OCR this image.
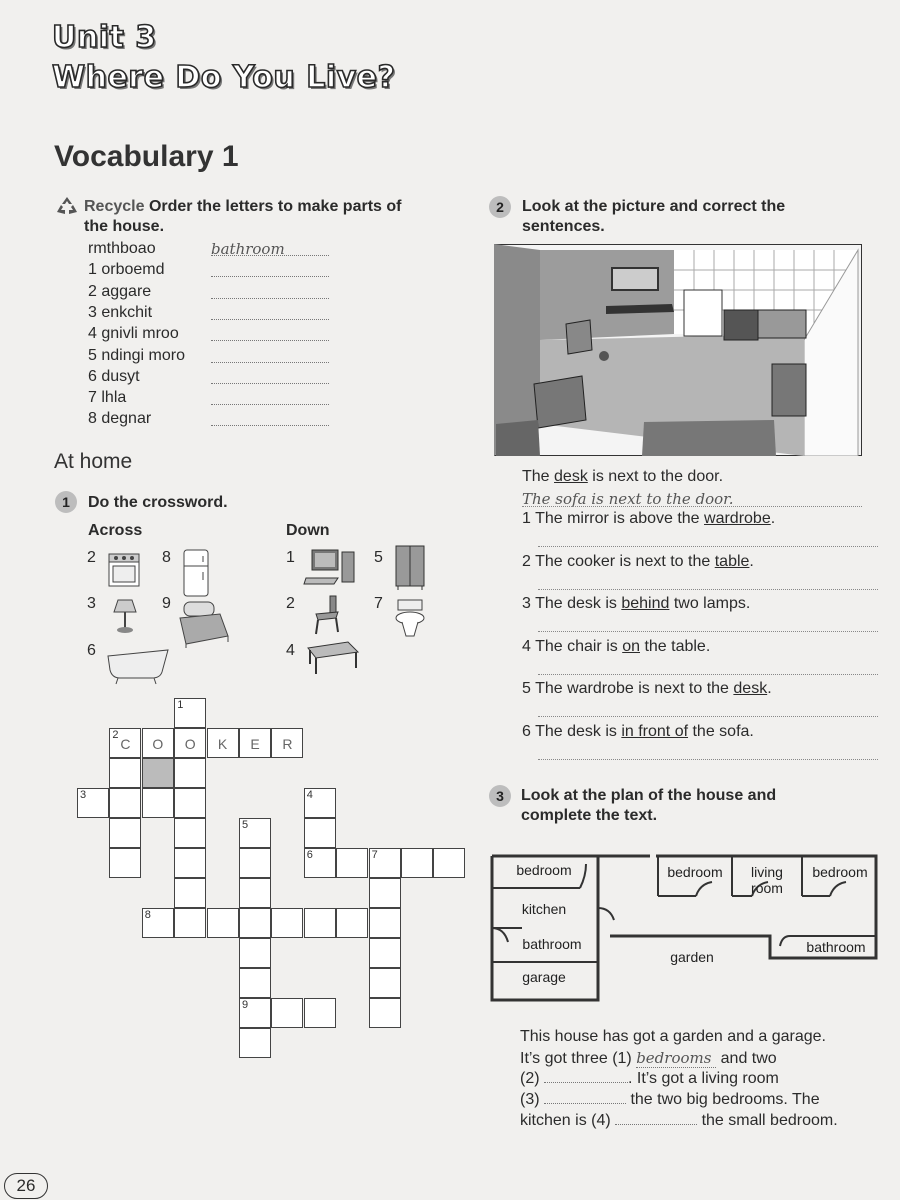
Unit 3
Where Do You Live?
Vocabulary 1
Recycle Order the letters to make parts of
the house.
rmthboao	bathroom
1 orboemd
2 aggare
3 enkchit
4 gnivli mroo
5 ndingi moro
6 dusyt
7 lhla
8 degnar
At home
1	Do the crossword.
Across	Down
2	8
3	9
6
1	5
2	7
4
1
2
C	O	O	K	E	R
3	4
5
6	7
8
9
2	Look at the picture and correct the
sentences.
The desk is next to the door.
The sofa is next to the door.
1 The mirror is above the wardrobe.
2 The cooker is next to the table.
3 The desk is behind two lamps.
4 The chair is on the table.
5 The wardrobe is next to the desk.
6 The desk is in front of the sofa.
3	Look at the plan of the house and
complete the text.
bedroom
kitchen
bathroom
garage
bedroom	living
room
bedroom
bathroom
garden
This house has got a garden and a garage.
It’s got three (1) bedrooms and two
(2)	. It’s got a living room
(3)	the two big bedrooms. The
kitchen is (4)	the small bedroom.
26
